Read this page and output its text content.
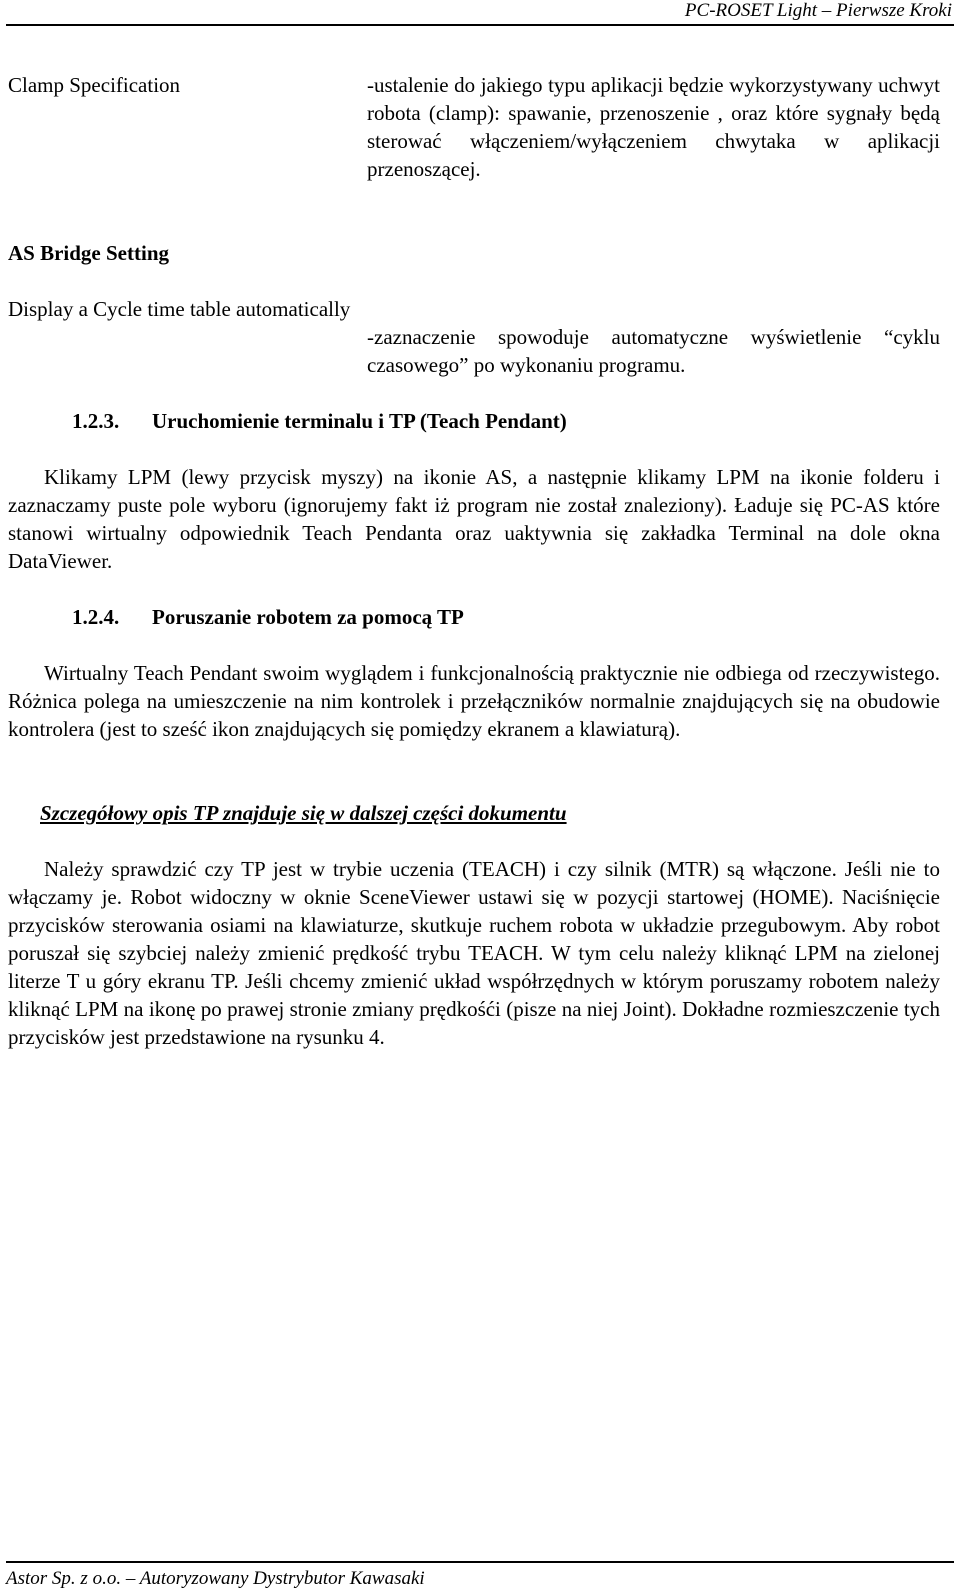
PC-ROSET Light – Pierwsze Kroki
Clamp Specification	-ustalenie do jakiego typu aplikacji będzie wykorzystywany uchwyt robota (clamp): spawanie, przenoszenie , oraz które sygnały będą sterować włączeniem/wyłączeniem chwytaka w aplikacji przenoszącej.
AS Bridge Setting
Display a Cycle time table automatically
-zaznaczenie spowoduje automatyczne wyświetlenie “cyklu czasowego” po wykonaniu programu.
1.2.3. Uruchomienie terminalu i TP (Teach Pendant)
Klikamy LPM (lewy przycisk myszy) na ikonie AS, a następnie klikamy LPM na ikonie folderu i zaznaczamy puste pole wyboru (ignorujemy fakt iż program nie został znaleziony). Ładuje się PC-AS które stanowi wirtualny odpowiednik Teach Pendanta oraz uaktywnia się zakładka Terminal na dole okna DataViewer.
1.2.4. Poruszanie robotem za pomocą TP
Wirtualny Teach Pendant swoim wyglądem i funkcjonalnością praktycznie nie odbiega od rzeczywistego. Różnica polega na umieszczenie na nim kontrolek i przełączników normalnie znajdujących się na obudowie kontrolera (jest to sześć ikon znajdujących się pomiędzy ekranem a klawiaturą).
Szczegółowy opis TP znajduje się w dalszej części dokumentu
Należy sprawdzić czy TP jest w trybie uczenia (TEACH) i czy silnik (MTR) są włączone. Jeśli nie to włączamy je. Robot widoczny w oknie SceneViewer ustawi się w pozycji startowej (HOME). Naciśnięcie przycisków sterowania osiami na klawiaturze, skutkuje ruchem robota w układzie przegubowym. Aby robot poruszał się szybciej należy zmienić prędkość trybu TEACH. W tym celu należy kliknąć LPM na zielonej literze T u góry ekranu TP. Jeśli chcemy zmienić układ współrzędnych w którym poruszamy robotem należy kliknąć LPM na ikonę po prawej stronie zmiany prędkośći (pisze na niej Joint). Dokładne rozmieszczenie tych przycisków jest przedstawione na rysunku 4.
Astor Sp. z o.o. – Autoryzowany Dystrybutor Kawasaki
